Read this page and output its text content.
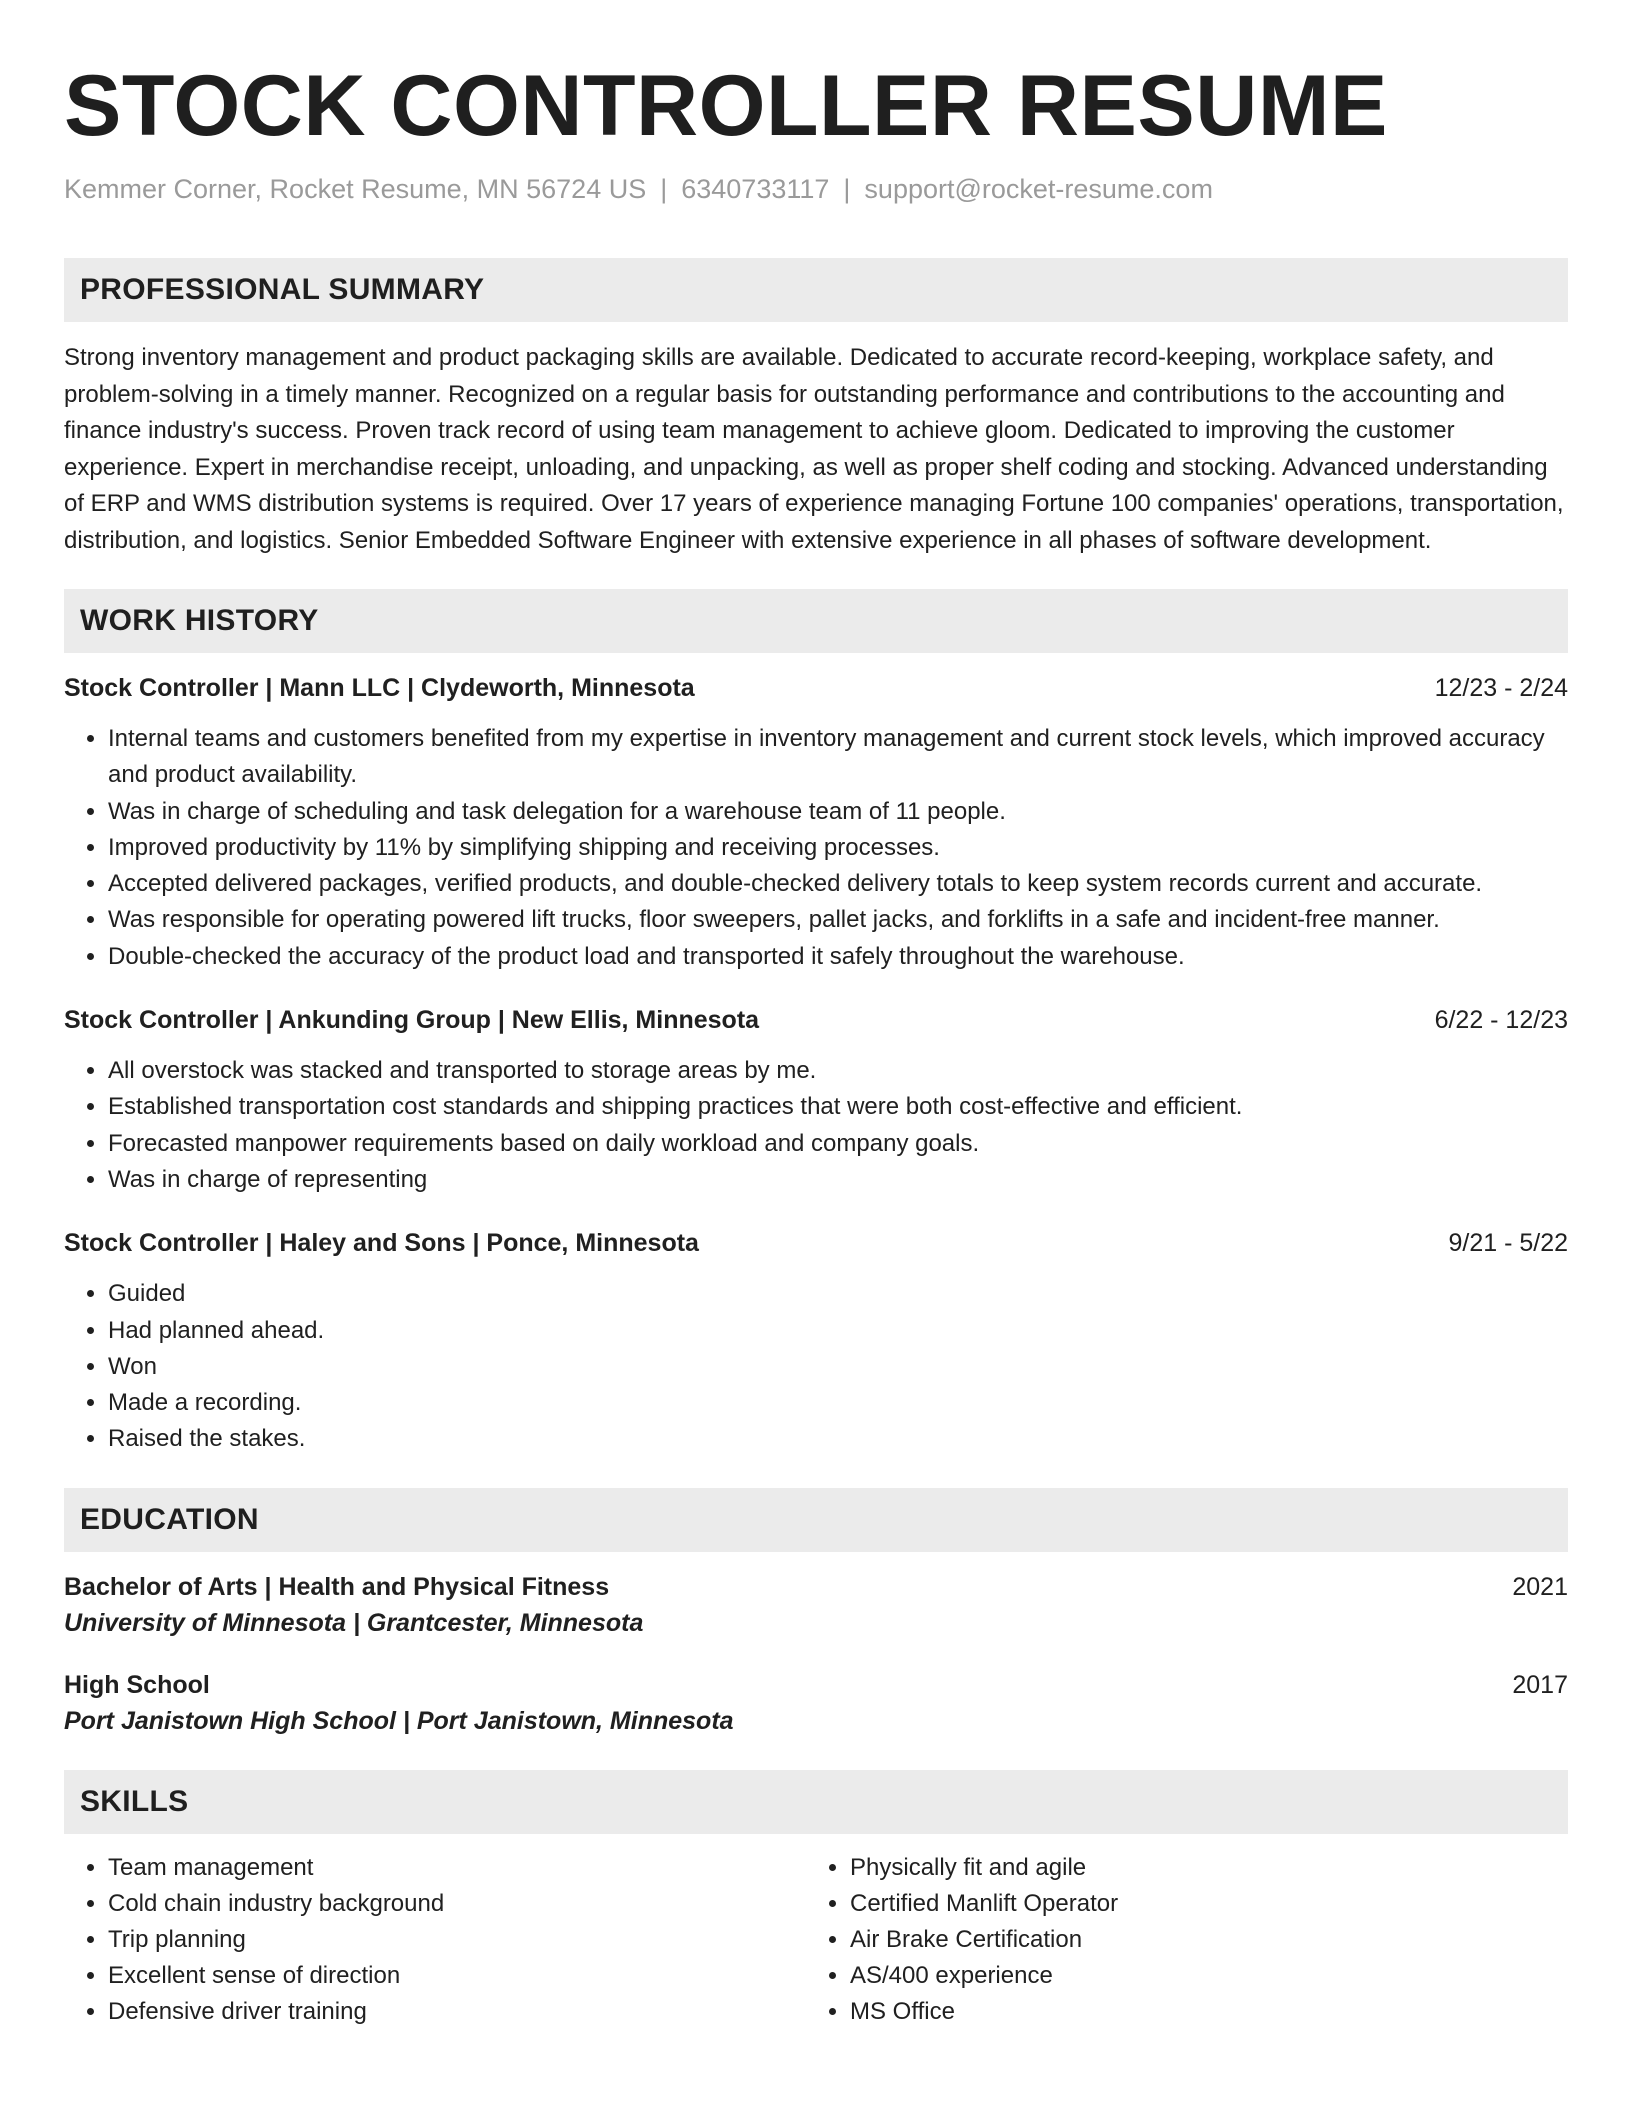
STOCK CONTROLLER RESUME
Kemmer Corner, Rocket Resume, MN 56724 US | 6340733117 | support@rocket-resume.com
PROFESSIONAL SUMMARY

Strong inventory management and product packaging skills are available. Dedicated to accurate record-keeping, workplace safety, and problem-solving in a timely manner. Recognized on a regular basis for outstanding performance and contributions to the accounting and finance industry's success. Proven track record of using team management to achieve gloom. Dedicated to improving the customer experience. Expert in merchandise receipt, unloading, and unpacking, as well as proper shelf coding and stocking. Advanced understanding of ERP and WMS distribution systems is required. Over 17 years of experience managing Fortune 100 companies' operations, transportation, distribution, and logistics. Senior Embedded Software Engineer with extensive experience in all phases of software development.

WORK HISTORY
Stock Controller | Mann LLC | Clydeworth, Minnesota	12/23 - 2/24
• Internal teams and customers benefited from my expertise in inventory management and current stock levels, which improved accuracy and product availability.
• Was in charge of scheduling and task delegation for a warehouse team of 11 people.
• Improved productivity by 11% by simplifying shipping and receiving processes.
• Accepted delivered packages, verified products, and double-checked delivery totals to keep system records current and accurate.
• Was responsible for operating powered lift trucks, floor sweepers, pallet jacks, and forklifts in a safe and incident-free manner.
• Double-checked the accuracy of the product load and transported it safely throughout the warehouse.
Stock Controller | Ankunding Group | New Ellis, Minnesota	6/22 - 12/23
• All overstock was stacked and transported to storage areas by me.
• Established transportation cost standards and shipping practices that were both cost-effective and efficient.
• Forecasted manpower requirements based on daily workload and company goals.
• Was in charge of representing
Stock Controller | Haley and Sons | Ponce, Minnesota	9/21 - 5/22
• Guided
• Had planned ahead.
• Won
• Made a recording.
• Raised the stakes.
EDUCATION
Bachelor of Arts | Health and Physical Fitness	2021
University of Minnesota | Grantcester, Minnesota
High School	2017
Port Janistown High School | Port Janistown, Minnesota
SKILLS
• Team management
• Cold chain industry background
• Trip planning
• Excellent sense of direction
• Defensive driver training
• Physically fit and agile
• Certified Manlift Operator
• Air Brake Certification
• AS/400 experience
• MS Office
